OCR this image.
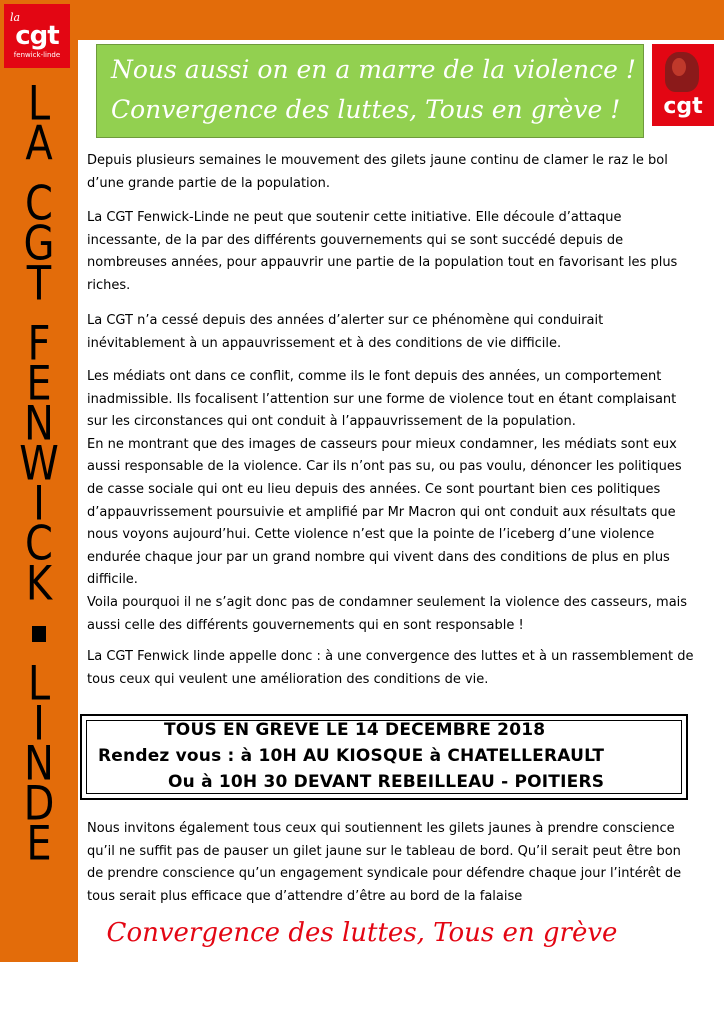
la
cgt
fenwick-linde
L
A
C
G
T
F
E
N
W
I
C
K
L
I
N
D
E
Nous aussi on en a marre de la violence !
Convergence des luttes, Tous en grève !	cgt

Depuis plusieurs semaines le mouvement des gilets jaune continu de clamer le raz le bol d’une grande partie de la population.

La CGT Fenwick-Linde ne peut que soutenir cette initiative. Elle découle d’attaque incessante, de la par des différents gouvernements qui se sont succédé depuis de nombreuses années, pour appauvrir une partie de la population tout en favorisant les plus riches.

La CGT n’a cessé depuis des années d’alerter sur ce phénomène qui conduirait inévitablement à un appauvrissement et à des conditions de vie difficile.

Les médiats ont dans ce conflit, comme ils le font depuis des années, un comportement inadmissible. Ils focalisent l’attention sur une forme de violence tout en étant complaisant sur les circonstances qui ont conduit à l’appauvrissement de la population.
En ne montrant que des images de casseurs pour mieux condamner, les médiats sont eux aussi responsable de la violence. Car ils n’ont pas su, ou pas voulu, dénoncer les politiques de casse sociale qui ont eu lieu depuis des années. Ce sont pourtant bien ces politiques d’appauvrissement poursuivie et amplifié par Mr Macron qui ont conduit aux résultats que nous voyons aujourd’hui. Cette violence n’est que la pointe de l’iceberg d’une violence endurée chaque jour par un grand nombre qui vivent dans des conditions de plus en plus difficile.
Voila pourquoi il ne s’agit donc pas de condamner seulement la violence des casseurs, mais aussi celle des différents gouvernements qui en sont responsable !

La CGT Fenwick linde appelle donc : à une convergence des luttes et à un rassemblement de tous ceux qui veulent une amélioration des conditions de vie.

TOUS EN GREVE LE 14 DECEMBRE 2018
Rendez vous : à 10H AU KIOSQUE à CHATELLERAULT
Ou à 10H 30 DEVANT REBEILLEAU - POITIERS

Nous invitons également tous ceux qui soutiennent les gilets jaunes à prendre conscience qu’il ne suffit pas de pauser un gilet jaune sur le tableau de bord. Qu’il serait peut être bon de prendre conscience qu’un engagement syndicale pour défendre chaque jour l’intérêt de tous serait plus efficace que d’attendre d’être au bord de la falaise

Convergence des luttes, Tous en grève
